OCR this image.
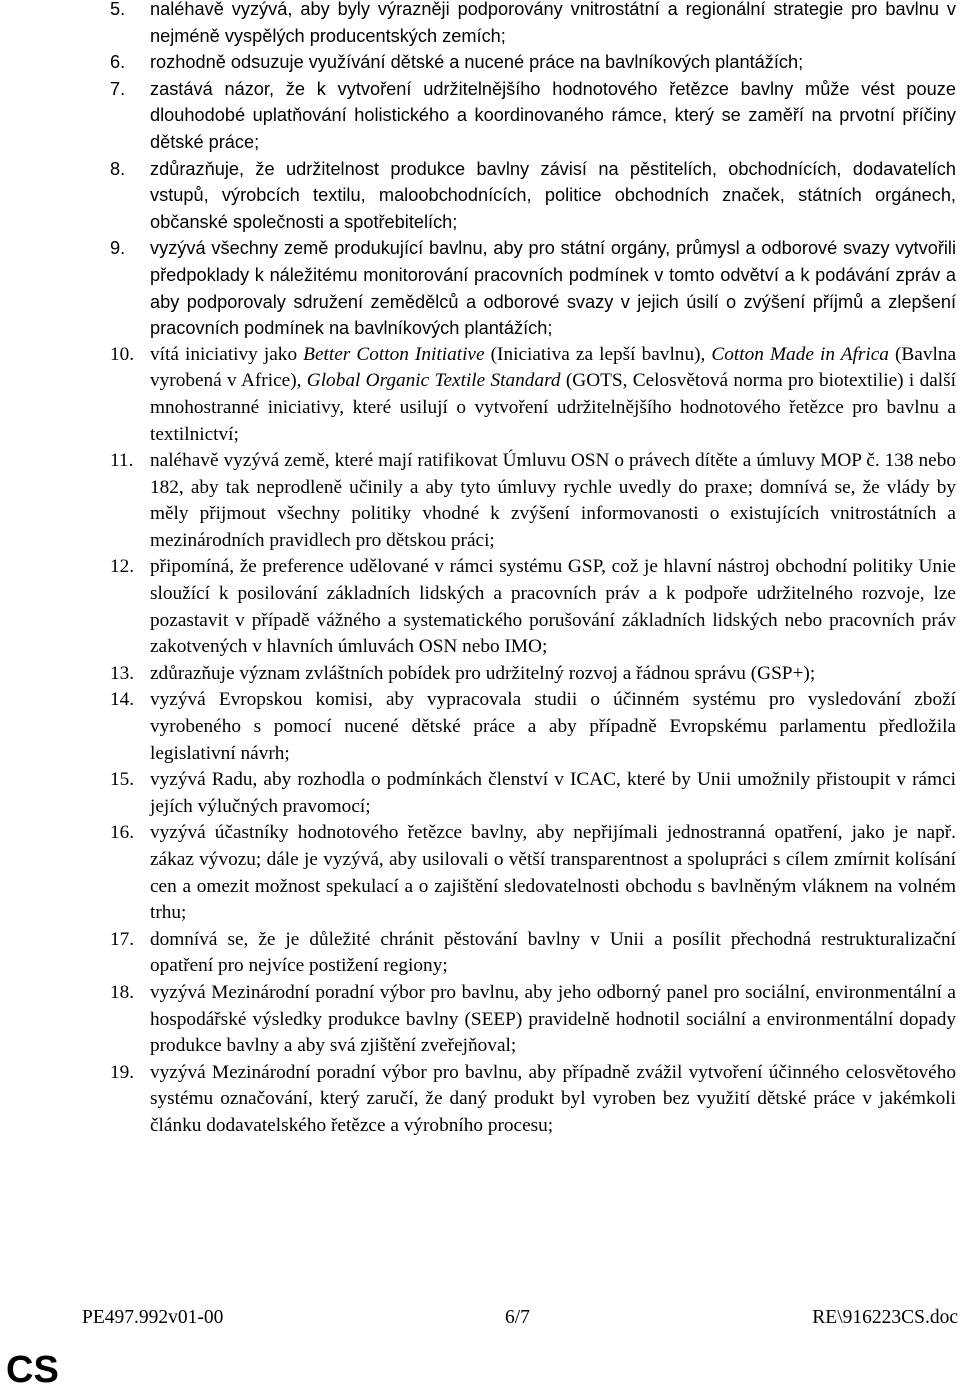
5.	naléhavě vyzývá, aby byly výrazněji podporovány vnitrostátní a regionální strategie pro bavlnu v nejméně vyspělých producentských zemích;
6.	rozhodně odsuzuje využívání dětské a nucené práce na bavlníkových plantážích;
7.	zastává názor, že k vytvoření udržitelnějšího hodnotového řetězce bavlny může vést pouze dlouhodobé uplatňování holistického a koordinovaného rámce, který se zaměří na prvotní příčiny dětské práce;
8.	zdůrazňuje, že udržitelnost produkce bavlny závisí na pěstitelích, obchodnících, dodavatelích vstupů, výrobcích textilu, maloobchodnících, politice obchodních značek, státních orgánech, občanské společnosti a spotřebitelích;
9.	vyzývá všechny země produkující bavlnu, aby pro státní orgány, průmysl a odborové svazy vytvořili předpoklady k náležitému monitorování pracovních podmínek v tomto odvětví a k podávání zpráv a aby podporovaly sdružení zemědělců a odborové svazy v jejich úsilí o zvýšení příjmů a zlepšení pracovních podmínek na bavlníkových plantážích;
10. vítá iniciativy jako Better Cotton Initiative (Iniciativa za lepší bavlnu), Cotton Made in Africa (Bavlna vyrobená v Africe), Global Organic Textile Standard (GOTS, Celosvětová norma pro biotextilie) i další mnohostranné iniciativy, které usilují o vytvoření udržitelnějšího hodnotového řetězce pro bavlnu a textilnictví;
11. naléhavě vyzývá země, které mají ratifikovat Úmluvu OSN o právech dítěte a úmluvy MOP č. 138 nebo 182, aby tak neprodleně učinily a aby tyto úmluvy rychle uvedly do praxe; domnívá se, že vlády by měly přijmout všechny politiky vhodné k zvýšení informovanosti o existujících vnitrostátních a mezinárodních pravidlech pro dětskou práci;
12. připomíná, že preference udělované v rámci systému GSP, což je hlavní nástroj obchodní politiky Unie sloužící k posilování základních lidských a pracovních práv a k podpoře udržitelného rozvoje, lze pozastavit v případě vážného a systematického porušování základních lidských nebo pracovních práv zakotvených v hlavních úmluvách OSN nebo IMO;
13. zdůrazňuje význam zvláštních pobídek pro udržitelný rozvoj a řádnou správu (GSP+);
14. vyzývá Evropskou komisi, aby vypracovala studii o účinném systému pro vysledování zboží vyrobeného s pomocí nucené dětské práce a aby případně Evropskému parlamentu předložila legislativní návrh;
15. vyzývá Radu, aby rozhodla o podmínkách členství v ICAC, které by Unii umožnily přistoupit v rámci jejích výlučných pravomocí;
16. vyzývá účastníky hodnotového řetězce bavlny, aby nepřijímali jednostranná opatření, jako je např. zákaz vývozu; dále je vyzývá, aby usilovali o větší transparentnost a spolupráci s cílem zmírnit kolísání cen a omezit možnost spekulací a o zajištění sledovatelnosti obchodu s bavlněným vláknem na volném trhu;
17. domnívá se, že je důležité chránit pěstování bavlny v Unii a posílit přechodná restrukturalizační opatření pro nejvíce postižení regiony;
18. vyzývá Mezinárodní poradní výbor pro bavlnu, aby jeho odborný panel pro sociální, environmentální a hospodářské výsledky produkce bavlny (SEEP) pravidelně hodnotil sociální a environmentální dopady produkce bavlny a aby svá zjištění zveřejňoval;
19. vyzývá Mezinárodní poradní výbor pro bavlnu, aby případně zvážil vytvoření účinného celosvětového systému označování, který zaručí, že daný produkt byl vyroben bez využití dětské práce v jakémkoli článku dodavatelského řetězce a výrobního procesu;
PE497.992v01-00	6/7	RE\916223CS.doc
CS
